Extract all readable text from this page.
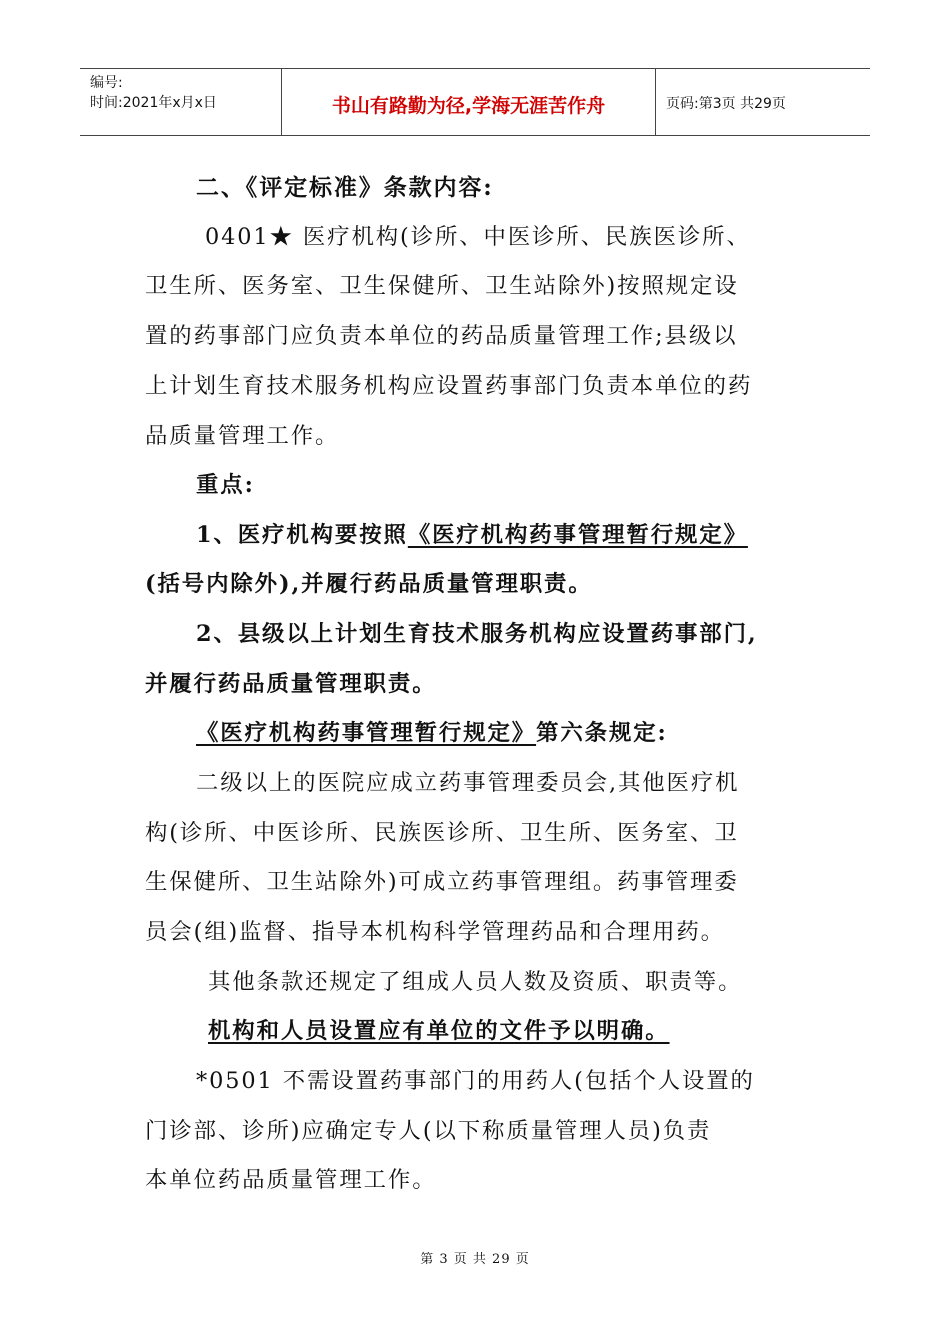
编号:
时间:2021年x月x日	书山有路勤为径,学海无涯苦作舟	页码:第3页 共29页
二、《评定标准》条款内容:
0401★ 医疗机构(诊所、中医诊所、民族医诊所、
卫生所、医务室、卫生保健所、卫生站除外)按照规定设
置的药事部门应负责本单位的药品质量管理工作;县级以
上计划生育技术服务机构应设置药事部门负责本单位的药
品质量管理工作。
重点:
1、医疗机构要按照《医疗机构药事管理暂行规定》
(括号内除外),并履行药品质量管理职责。
2、县级以上计划生育技术服务机构应设置药事部门,
并履行药品质量管理职责。
《医疗机构药事管理暂行规定》第六条规定:
二级以上的医院应成立药事管理委员会,其他医疗机
构(诊所、中医诊所、民族医诊所、卫生所、医务室、卫
生保健所、卫生站除外)可成立药事管理组。药事管理委
员会(组)监督、指导本机构科学管理药品和合理用药。
其他条款还规定了组成人员人数及资质、职责等。
机构和人员设置应有单位的文件予以明确。
*0501 不需设置药事部门的用药人(包括个人设置的
门诊部、诊所)应确定专人(以下称质量管理人员)负责
本单位药品质量管理工作。
第 3 页 共 29 页
